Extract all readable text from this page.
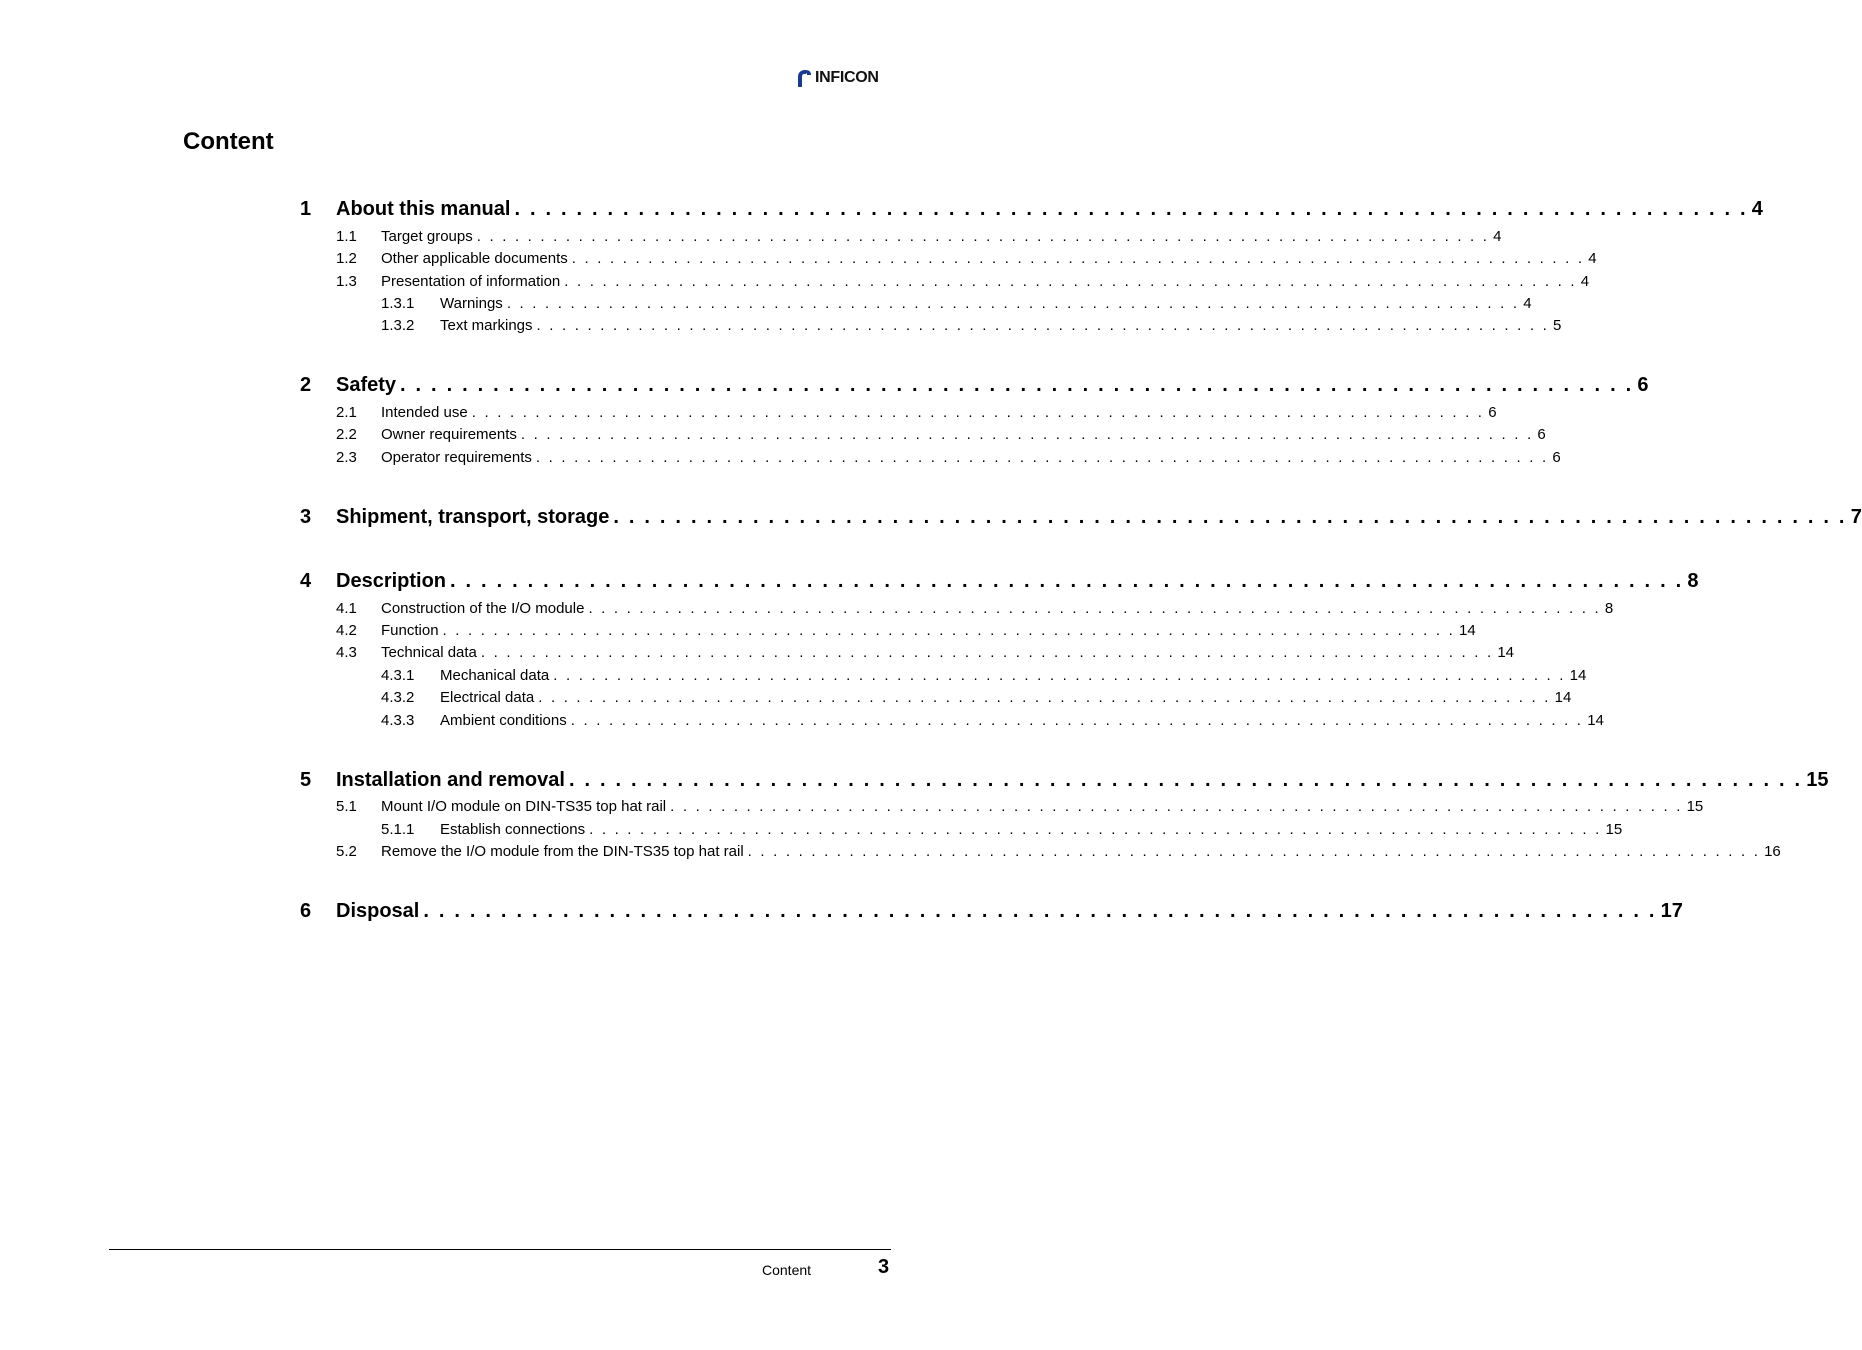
INFICON
Content
1	About this manual . . . . . . . . . . . . . . . . . . . . . . . . . . . . . . . . . . . . . . . . . . . . . . . . . . . . . . . . . . . . . . . . . . . . . . . . . . . . . . . . 4
1.1	Target groups . . . . . . . . . . . . . . . . . . . . . . . . . . . . . . . . . . . . . . . . . . . . . . . . . . . . . . . . . . . . . . . . . . . . . . . . . . . . . . . . 4
1.2	Other applicable documents . . . . . . . . . . . . . . . . . . . . . . . . . . . . . . . . . . . . . . . . . . . . . . . . . . . . . . . . . . . . . . . . . . . . . . . . . . . . . . . . 4
1.3	Presentation of information . . . . . . . . . . . . . . . . . . . . . . . . . . . . . . . . . . . . . . . . . . . . . . . . . . . . . . . . . . . . . . . . . . . . . . . . . . . . . . . . 4
1.3.1	Warnings . . . . . . . . . . . . . . . . . . . . . . . . . . . . . . . . . . . . . . . . . . . . . . . . . . . . . . . . . . . . . . . . . . . . . . . . . . . . . . . . 4
1.3.2	Text markings . . . . . . . . . . . . . . . . . . . . . . . . . . . . . . . . . . . . . . . . . . . . . . . . . . . . . . . . . . . . . . . . . . . . . . . . . . . . . . . . 5
2	Safety . . . . . . . . . . . . . . . . . . . . . . . . . . . . . . . . . . . . . . . . . . . . . . . . . . . . . . . . . . . . . . . . . . . . . . . . . . . . . . . . 6
2.1	Intended use . . . . . . . . . . . . . . . . . . . . . . . . . . . . . . . . . . . . . . . . . . . . . . . . . . . . . . . . . . . . . . . . . . . . . . . . . . . . . . . . 6
2.2	Owner requirements . . . . . . . . . . . . . . . . . . . . . . . . . . . . . . . . . . . . . . . . . . . . . . . . . . . . . . . . . . . . . . . . . . . . . . . . . . . . . . . . 6
2.3	Operator requirements . . . . . . . . . . . . . . . . . . . . . . . . . . . . . . . . . . . . . . . . . . . . . . . . . . . . . . . . . . . . . . . . . . . . . . . . . . . . . . . . 6
3	Shipment, transport, storage . . . . . . . . . . . . . . . . . . . . . . . . . . . . . . . . . . . . . . . . . . . . . . . . . . . . . . . . . . . . . . . . . . . . . . . . . . . . . . . . 7
4	Description . . . . . . . . . . . . . . . . . . . . . . . . . . . . . . . . . . . . . . . . . . . . . . . . . . . . . . . . . . . . . . . . . . . . . . . . . . . . . . . . 8
4.1	Construction of the I/O module . . . . . . . . . . . . . . . . . . . . . . . . . . . . . . . . . . . . . . . . . . . . . . . . . . . . . . . . . . . . . . . . . . . . . . . . . . . . . . . . 8
4.2	Function . . . . . . . . . . . . . . . . . . . . . . . . . . . . . . . . . . . . . . . . . . . . . . . . . . . . . . . . . . . . . . . . . . . . . . . . . . . . . . . . 14
4.3	Technical data . . . . . . . . . . . . . . . . . . . . . . . . . . . . . . . . . . . . . . . . . . . . . . . . . . . . . . . . . . . . . . . . . . . . . . . . . . . . . . . . 14
4.3.1	Mechanical data . . . . . . . . . . . . . . . . . . . . . . . . . . . . . . . . . . . . . . . . . . . . . . . . . . . . . . . . . . . . . . . . . . . . . . . . . . . . . . . . 14
4.3.2	Electrical data . . . . . . . . . . . . . . . . . . . . . . . . . . . . . . . . . . . . . . . . . . . . . . . . . . . . . . . . . . . . . . . . . . . . . . . . . . . . . . . . 14
4.3.3	Ambient conditions . . . . . . . . . . . . . . . . . . . . . . . . . . . . . . . . . . . . . . . . . . . . . . . . . . . . . . . . . . . . . . . . . . . . . . . . . . . . . . . . 14
5	Installation and removal . . . . . . . . . . . . . . . . . . . . . . . . . . . . . . . . . . . . . . . . . . . . . . . . . . . . . . . . . . . . . . . . . . . . . . . . . . . . . . . . 15
5.1	Mount I/O module on DIN-TS35 top hat rail . . . . . . . . . . . . . . . . . . . . . . . . . . . . . . . . . . . . . . . . . . . . . . . . . . . . . . . . . . . . . . . . . . . . . . . . . . . . . . . . 15
5.1.1	Establish connections . . . . . . . . . . . . . . . . . . . . . . . . . . . . . . . . . . . . . . . . . . . . . . . . . . . . . . . . . . . . . . . . . . . . . . . . . . . . . . . . 15
5.2	Remove the I/O module from the DIN-TS35 top hat rail . . . . . . . . . . . . . . . . . . . . . . . . . . . . . . . . . . . . . . . . . . . . . . . . . . . . . . . . . . . . . . . . . . . . . . . . . . . . . . . . 16
6	Disposal . . . . . . . . . . . . . . . . . . . . . . . . . . . . . . . . . . . . . . . . . . . . . . . . . . . . . . . . . . . . . . . . . . . . . . . . . . . . . . . . 17
Content	3
